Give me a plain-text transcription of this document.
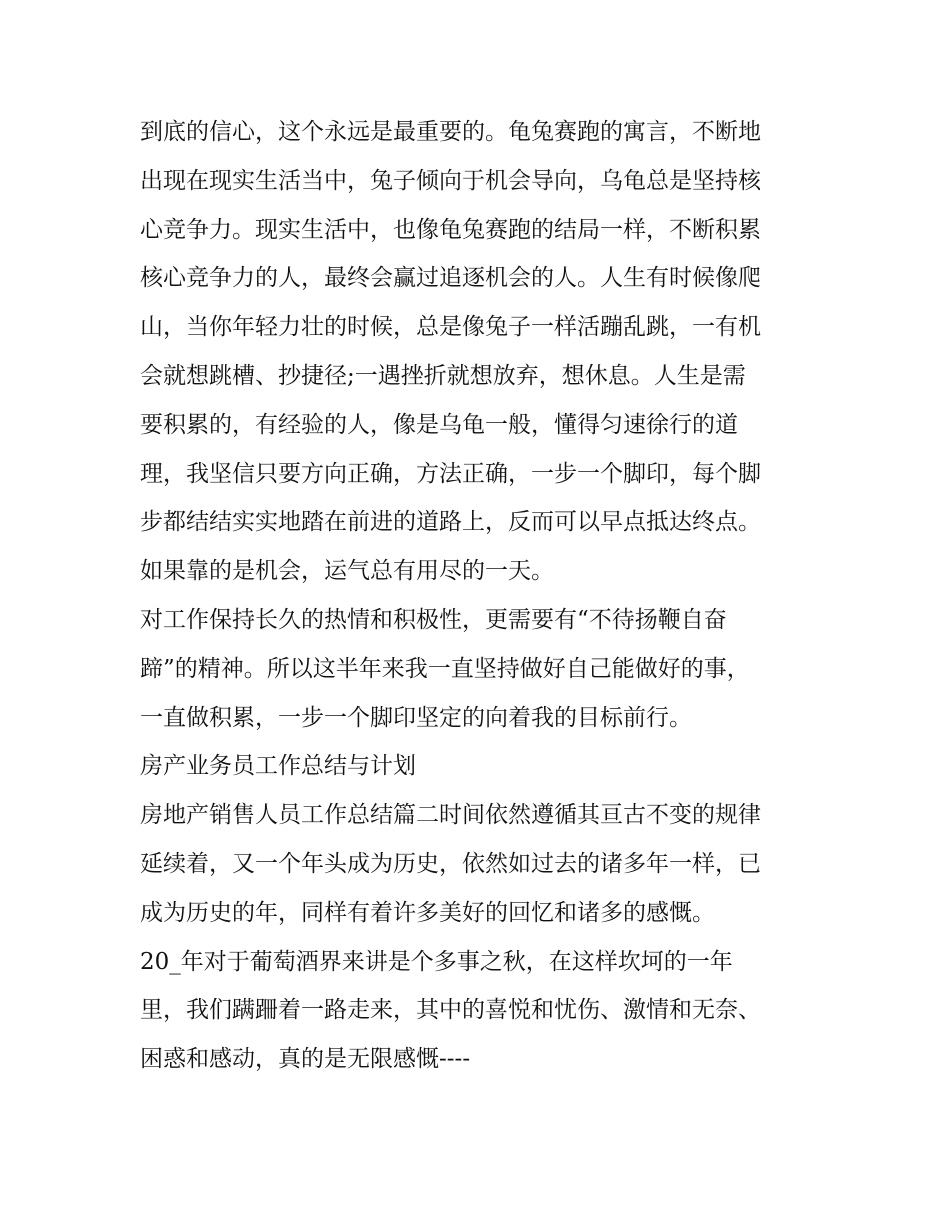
到底的信心，这个永远是最重要的。龟兔赛跑的寓言，不断地
出现在现实生活当中，兔子倾向于机会导向，乌龟总是坚持核
心竞争力。现实生活中，也像龟兔赛跑的结局一样，不断积累
核心竞争力的人，最终会赢过追逐机会的人。人生有时候像爬
山，当你年轻力壮的时候，总是像兔子一样活蹦乱跳，一有机
会就想跳槽、抄捷径;一遇挫折就想放弃，想休息。人生是需
要积累的，有经验的人，像是乌龟一般，懂得匀速徐行的道
理，我坚信只要方向正确，方法正确，一步一个脚印，每个脚
步都结结实实地踏在前进的道路上，反而可以早点抵达终点。
如果靠的是机会，运气总有用尽的一天。
对工作保持长久的热情和积极性，更需要有“不待扬鞭自奋
蹄”的精神。所以这半年来我一直坚持做好自己能做好的事，
一直做积累，一步一个脚印坚定的向着我的目标前行。
房产业务员工作总结与计划
房地产销售人员工作总结篇二时间依然遵循其亘古不变的规律
延续着，又一个年头成为历史，依然如过去的诸多年一样，已
成为历史的年，同样有着许多美好的回忆和诸多的感慨。
20_年对于葡萄酒界来讲是个多事之秋，在这样坎坷的一年
里，我们蹒跚着一路走来，其中的喜悦和忧伤、激情和无奈、
困惑和感动，真的是无限感慨----
